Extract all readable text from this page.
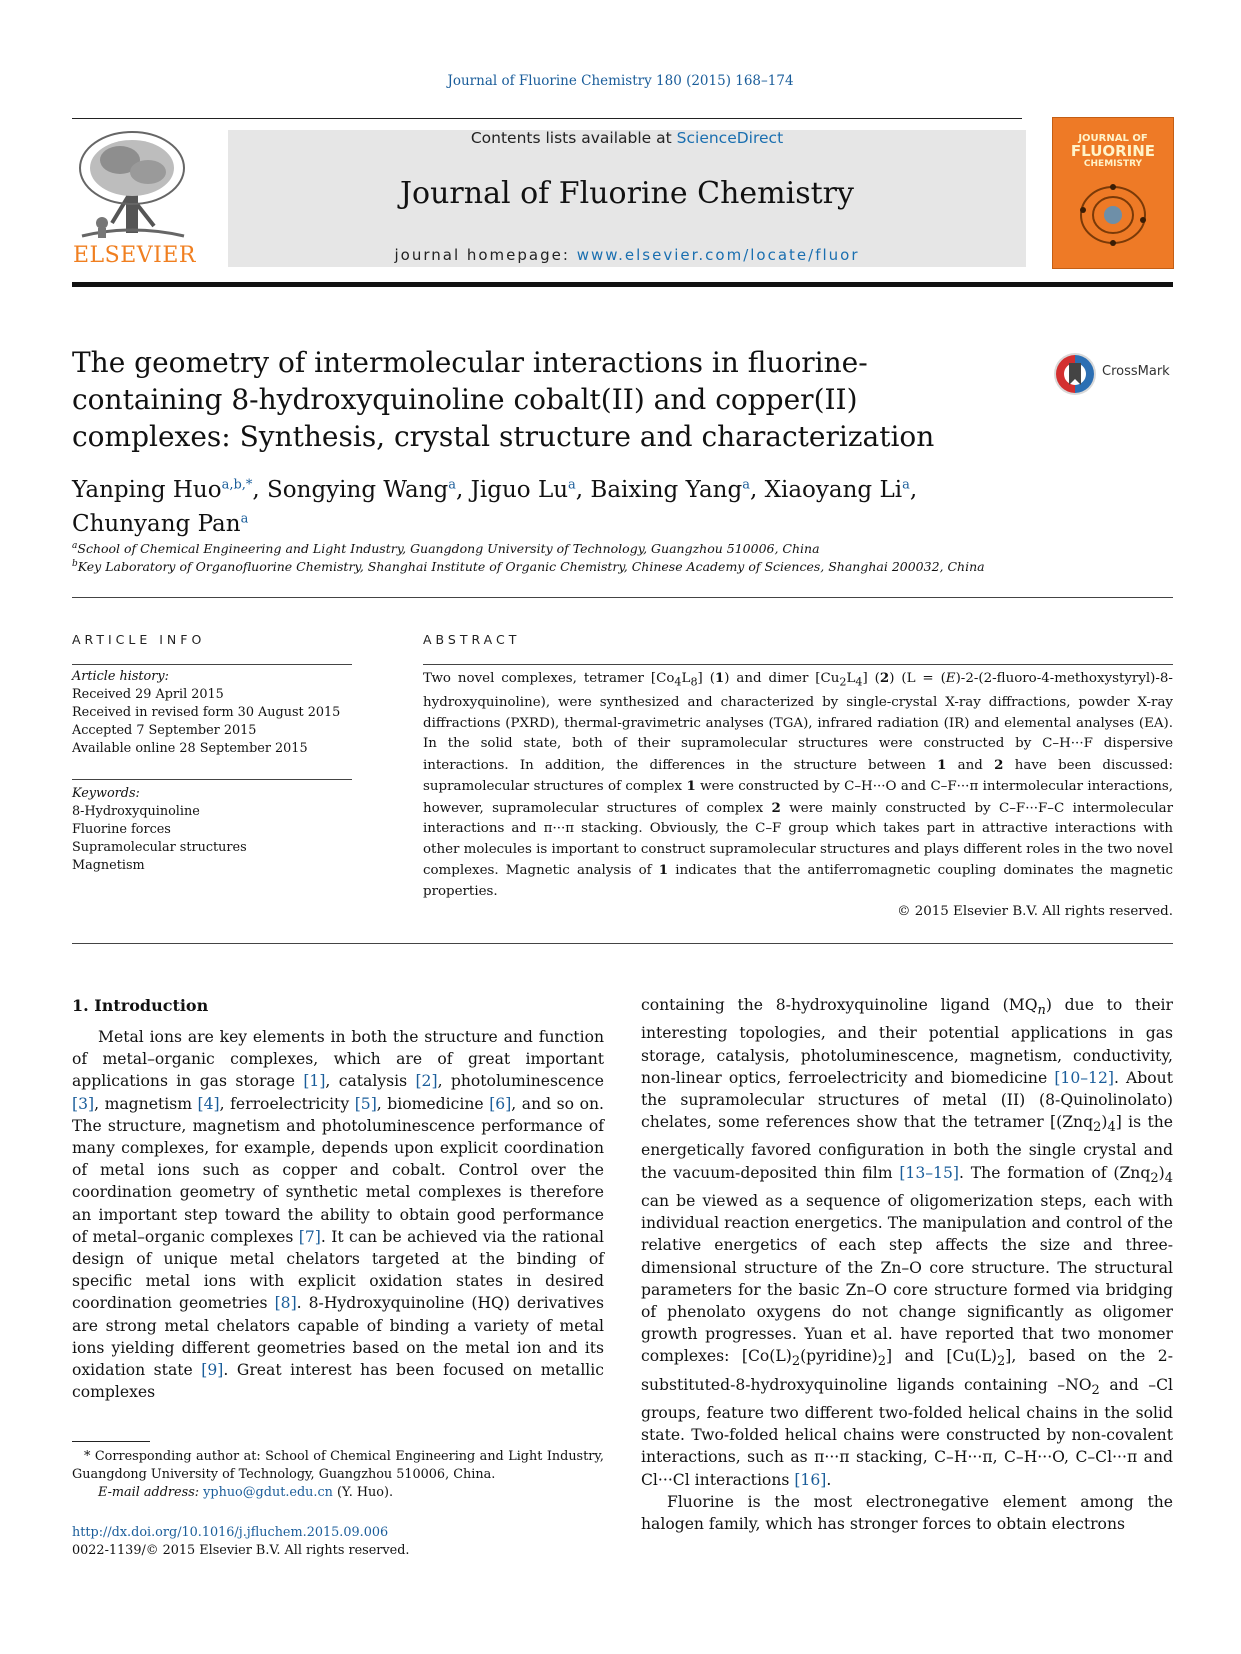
Journal of Fluorine Chemistry 180 (2015) 168–174
ELSEVIER
Contents lists available at ScienceDirect
Journal of Fluorine Chemistry
journal homepage: www.elsevier.com/locate/fluor
JOURNAL OF
FLUORINE
CHEMISTRY
The geometry of intermolecular interactions in fluorine-containing 8-hydroxyquinoline cobalt(II) and copper(II) complexes: Synthesis, crystal structure and characterization
CrossMark
Yanping Huo$^{a,b,*}$, Songying Wang$^a$, Jiguo Lu$^a$, Baixing Yang$^a$, Xiaoyang Li$^a$,
Chunyang Pan$^a$
$^a$School of Chemical Engineering and Light Industry, Guangdong University of Technology, Guangzhou 510006, China
$^b$Key Laboratory of Organofluorine Chemistry, Shanghai Institute of Organic Chemistry, Chinese Academy of Sciences, Shanghai 200032, China
ARTICLE INFO	ABSTRACT
Article history:
Received 29 April 2015
Received in revised form 30 August 2015
Accepted 7 September 2015
Available online 28 September 2015
Keywords:
8-Hydroxyquinoline
Fluorine forces
Supramolecular structures
Magnetism
Two novel complexes, tetramer $[Co_4L_8]$ (1) and dimer $[Cu_2L_4]$ (2) (L = (E)-2-(2-fluoro-4-methoxystyryl)-8-hydroxyquinoline), were synthesized and characterized by single-crystal X-ray diffractions, powder X-ray diffractions (PXRD), thermal-gravimetric analyses (TGA), infrared radiation (IR) and elemental analyses (EA). In the solid state, both of their supramolecular structures were constructed by C–H···F dispersive interactions. In addition, the differences in the structure between 1 and 2 have been discussed: supramolecular structures of complex 1 were constructed by C–H···O and C–F···π intermolecular interactions, however, supramolecular structures of complex 2 were mainly constructed by C–F···F–C intermolecular interactions and π···π stacking. Obviously, the C–F group which takes part in attractive interactions with other molecules is important to construct supramolecular structures and plays different roles in the two novel complexes. Magnetic analysis of 1 indicates that the antiferromagnetic coupling dominates the magnetic properties.
© 2015 Elsevier B.V. All rights reserved.
1. Introduction

Metal ions are key elements in both the structure and function of metal–organic complexes, which are of great important applications in gas storage [1], catalysis [2], photoluminescence [3], magnetism [4], ferroelectricity [5], biomedicine [6], and so on. The structure, magnetism and photoluminescence performance of many complexes, for example, depends upon explicit coordination of metal ions such as copper and cobalt. Control over the coordination geometry of synthetic metal complexes is therefore an important step toward the ability to obtain good performance of metal–organic complexes [7]. It can be achieved via the rational design of unique metal chelators targeted at the binding of specific metal ions with explicit oxidation states in desired coordination geometries [8]. 8-Hydroxyquinoline (HQ) derivatives are strong metal chelators capable of binding a variety of metal ions yielding different geometries based on the metal ion and its oxidation state [9]. Great interest has been focused on metallic complexes

containing the 8-hydroxyquinoline ligand $(MQ_n)$ due to their interesting topologies, and their potential applications in gas storage, catalysis, photoluminescence, magnetism, conductivity, non-linear optics, ferroelectricity and biomedicine [10–12]. About the supramolecular structures of metal (II) (8-Quinolinolato) chelates, some references show that the tetramer $[(Znq_2)_4]$ is the energetically favored configuration in both the single crystal and the vacuum-deposited thin film [13–15]. The formation of $(Znq_2)_4$ can be viewed as a sequence of oligomerization steps, each with individual reaction energetics. The manipulation and control of the relative energetics of each step affects the size and three-dimensional structure of the Zn–O core structure. The structural parameters for the basic Zn–O core structure formed via bridging of phenolato oxygens do not change significantly as oligomer growth progresses. Yuan et al. have reported that two monomer complexes: $[Co(L)_2(pyridine)_2]$ and $[Cu(L)_2]$, based on the 2-substituted-8-hydroxyquinoline ligands containing $-NO_2$ and –Cl groups, feature two different two-folded helical chains in the solid state. Two-folded helical chains were constructed by non-covalent interactions, such as π···π stacking, C–H···π, C–H···O, C–Cl···π and Cl···Cl interactions [16].

Fluorine is the most electronegative element among the halogen family, which has stronger forces to obtain electrons

* Corresponding author at: School of Chemical Engineering and Light Industry, Guangdong University of Technology, Guangzhou 510006, China.
E-mail address: yphuo@gdut.edu.cn (Y. Huo).
http://dx.doi.org/10.1016/j.jfluchem.2015.09.006
0022-1139/© 2015 Elsevier B.V. All rights reserved.
